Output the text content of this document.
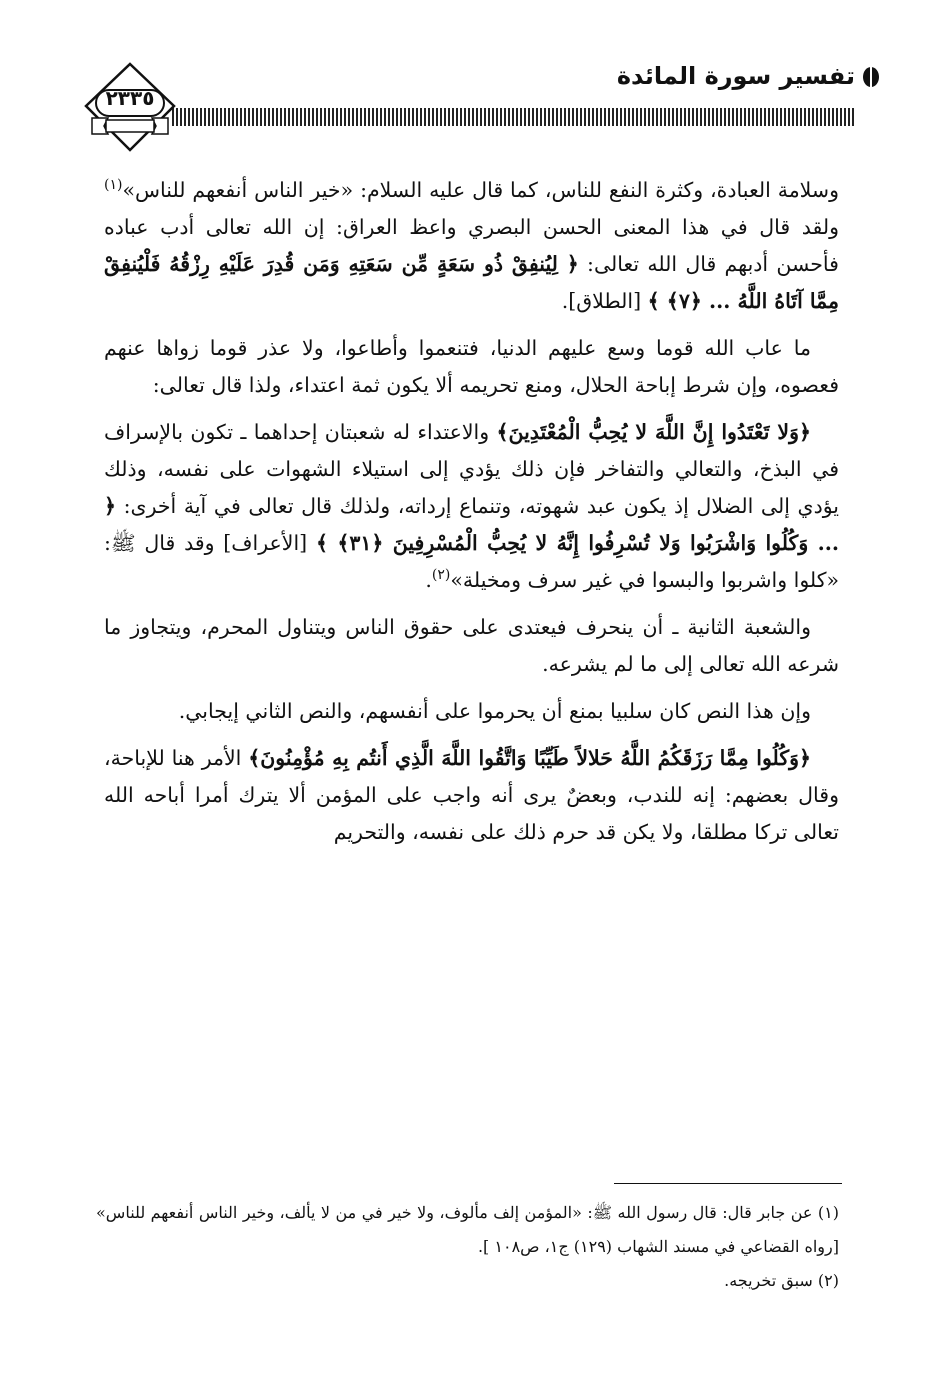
تفسير سورة المائدة
٢٣٣٥

وسلامة العبادة، وكثرة النفع للناس، كما قال عليه السلام: «خير الناس أنفعهم للناس»$^{(١)}$ ولقد قال في هذا المعنى الحسن البصري واعظ العراق: إن الله تعالى أدب عباده فأحسن أدبهم قال الله تعالى: ﴿ لِيُنفِقْ ذُو سَعَةٍ مِّن سَعَتِهِ وَمَن قُدِرَ عَلَيْهِ رِزْقُهُ فَلْيُنفِقْ مِمَّا آتَاهُ اللَّهُ ... ﴿٧﴾ ﴾ [الطلاق].

ما عاب الله قوما وسع عليهم الدنيا، فتنعموا وأطاعوا، ولا عذر قوما زواها عنهم فعصوه، وإن شرط إباحة الحلال، ومنع تحريمه ألا يكون ثمة اعتداء، ولذا قال تعالى:

﴿وَلا تَعْتَدُوا إِنَّ اللَّهَ لا يُحِبُّ الْمُعْتَدِينَ﴾ والاعتداء له شعبتان إحداهما ـ تكون بالإسراف في البذخ، والتعالي والتفاخر فإن ذلك يؤدي إلى استيلاء الشهوات على نفسه، وذلك يؤدي إلى الضلال إذ يكون عبد شهوته، وتنماع إرداته، ولذلك قال تعالى في آية أخرى: ﴿ ... وَكُلُوا وَاشْرَبُوا وَلا تُسْرِفُوا إِنَّهُ لا يُحِبُّ الْمُسْرِفِينَ ﴿٣١﴾ ﴾ [الأعراف] وقد قال ﷺ: «كلوا واشربوا والبسوا في غير سرف ومخيلة»$^{(٢)}$.

والشعبة الثانية ـ أن ينحرف فيعتدى على حقوق الناس ويتناول المحرم، ويتجاوز ما شرعه الله تعالى إلى ما لم يشرعه.

وإن هذا النص كان سلبيا بمنع أن يحرموا على أنفسهم، والنص الثاني إيجابي.

﴿وَكُلُوا مِمَّا رَزَقَكُمُ اللَّهُ حَلالاً طَيِّبًا وَاتَّقُوا اللَّهَ الَّذِي أَنتُم بِهِ مُؤْمِنُونَ﴾ الأمر هنا للإباحة، وقال بعضهم: إنه للندب، وبعضٌ يرى أنه واجب على المؤمن ألا يترك أمرا أباحه الله تعالى تركا مطلقا، ولا يكن قد حرم ذلك على نفسه، والتحريم

(١) عن جابر قال: قال رسول الله ﷺ: «المؤمن إلف مألوف، ولا خير في من لا يألف، وخير الناس أنفعهم للناس» [رواه القضاعي في مسند الشهاب (١٢٩) ج١، ص١٠٨ ].

(٢) سبق تخريجه.
